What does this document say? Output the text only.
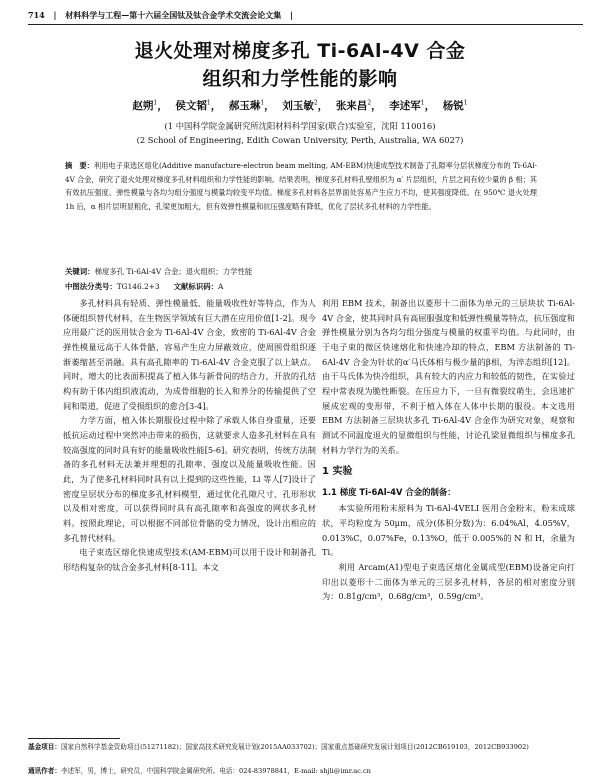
714 | 材料科学与工程—第十六届全国钛及钛合金学术交流会论文集 |
退火处理对梯度多孔 Ti-6Al-4V 合金
组织和力学性能的影响
赵朔$^1$， 侯文韬$^1$， 郝玉琳$^1$， 刘玉敏$^2$， 张来昌$^2$， 李述军$^1$， 杨锐$^1$
(1 中国科学院金属研究所沈阳材料科学国家(联合)实验室，沈阳 110016)
(2 School of Engineering, Edith Cowan University, Perth, Australia, WA 6027)
摘　要：利用电子束选区熔化(Additive manufacture-electron beam melting, AM-EBM)快速成型技术制备了孔隙率分层状梯度分布的 Ti-6Al-4V 合金，研究了退火处理对梯度多孔材料组织和力学性能的影响。结果表明，梯度多孔材料孔壁组织为 α′ 片层组织，片层之间有较少量的 β 相；其有效抗压强度、弹性模量与各均匀组分强度与模量均较变平均值。梯度多孔材料各层界面处容易产生应力不均，使其强度降低。在 950℃ 退火处理 1h 后，α 相片层明显粗化，孔梁更加粗大，但有效弹性模量和抗压强度略有降低，优化了层状多孔材料的力学性能。
关键词：梯度多孔 Ti-6Al-4V 合金；退火组织；力学性能
中图法分类号：TG146.2+3 文献标识码：A

多孔材料具有轻质、弹性模量低、能量吸收性好等特点，作为人体硬组织替代材料，在生物医学领域有巨大潜在应用价值[1-2]。现今应用最广泛的医用钛合金为 Ti-6Al-4V 合金，致密的 Ti-6Al-4V 合金弹性模量远高于人体骨骼，容易产生应力屏蔽效应，使周围骨组织逐渐萎缩甚至消融。具有高孔隙率的 Ti-6Al-4V 合金克服了以上缺点。同时，增大的比表面积提高了植入体与新骨间的结合力，开放的孔结构有助于体内组织液流动，为成骨细胞的长入和养分的传输提供了空间和渠道，促进了受损组织的愈合[3-4]。

力学方面，植入体长期服役过程中除了承载人体自身重量，还要抵抗运动过程中突然冲击带来的损伤，这就要求人造多孔材料在具有较高强度的同时具有好的能量吸收性能[5-6]。研究表明，传统方法制备的多孔材料无法兼并理想的孔隙率、强度以及能量吸收性能。因此，为了使多孔材料同时具有以上提到的这些性能，Li 等人[7]设计了密度呈层状分布的梯度多孔材料模型，通过优化孔隙尺寸、孔形形状以及相对密度，可以获得同时具有高孔隙率和高强度的网状多孔材料。按照此理论，可以根据不同部位骨骼的受力情况，设计出相应的多孔替代材料。

电子束选区熔化快速成型技术(AM-EBM)可以用于设计和制备孔形结构复杂的钛合金多孔材料[8-11]。本文

利用 EBM 技术，制备出以菱形十二面体为单元的三层块状 Ti-6Al-4V 合金，使其同时具有高屈服强度和低弹性模量等特点，抗压强度和弹性模量分别为各均匀组分强度与模量的权重平均值。与此同时，由于电子束的微区快速熔化和快速冷却的特点，EBM 方法制备的 Ti-6Al-4V 合金为针状的α′马氏体相与极少量的β相，为淬态组织[12]。由于马氏体为快冷组织，具有较大的内应力和较低的韧性，在实验过程中常表现为脆性断裂。在压应力下，一旦有微裂纹萌生，会迅速扩展成宏观的变形带，不利于植入体在人体中长期的服役。本文选用 EBM 方法制备三层块状多孔 Ti-6Al-4V 合金作为研究对象，观察和测试不同温度退火的显微组织与性能，讨论孔梁显微组织与梯度多孔材料力学行为的关系。

1 实验
1.1 梯度 Ti-6Al-4V 合金的制备：

本实验所用粉末原料为 Ti-6Al-4VELI 医用合金粉末，粉末成球状，平均粒度为 50μm，成分(体积分数)为：6.04%Al，4.05%V，0.013%C，0.07%Fe，0.13%O，低于 0.005%的 N 和 H，余量为 Ti。

利用 Arcam(A1)型电子束选区熔化金属成型(EBM)设备定向打印出以菱形十二面体为单元的三层多孔材料，各层的相对密度分别为：0.81g/cm³，0.68g/cm³，0.59g/cm³。

基金项目：国家自然科学基金资助项目(51271182)；国家高技术研究发展计划(2015AA033702)；国家重点基础研究发展计划项目(2012CB619103，2012CB933902)
通讯作者：李述军，男，博士，研究员，中国科学院金属研究所。电话：024-83978841，E-mail: shjli@imr.ac.cn
